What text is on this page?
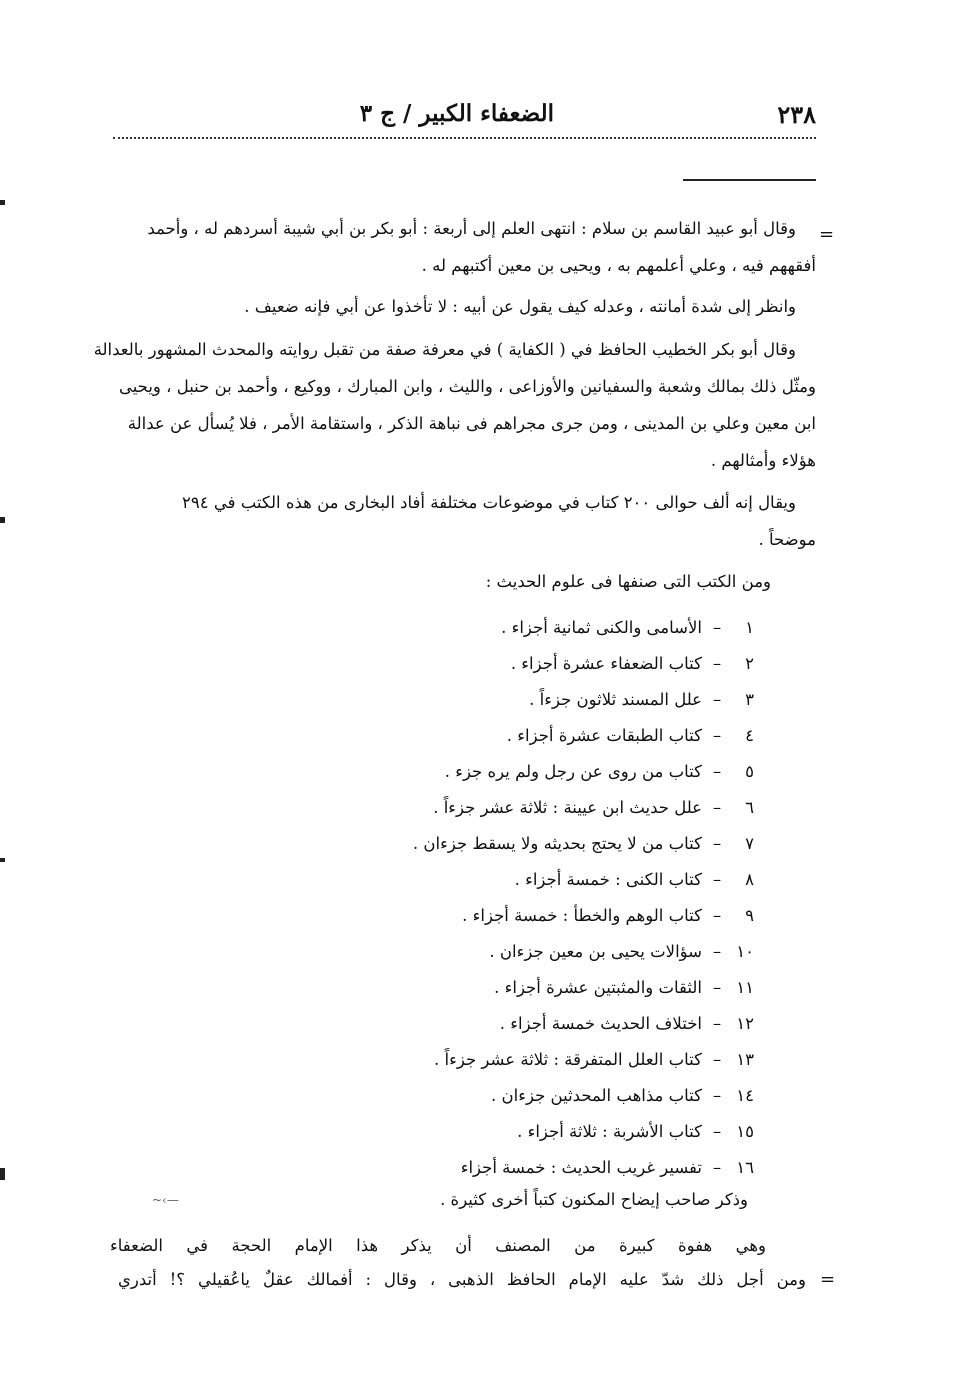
٢٣٨
الضعفاء الكبير / ج ٣
=
=
~‹—
وقال أبو عبيد القاسم بن سلام : انتهى العلم إلى أربعة : أبو بكر بن أبي شيبة أسردهم له ، وأحمد
أفقههم فيه ، وعلي أعلمهم به ، ويحيى بن معين أكتبهم له .
وانظر إلى شدة أمانته ، وعدله كيف يقول عن أبيه : لا تأخذوا عن أبي فإنه ضعيف .
وقال أبو بكر الخطيب الحافظ في ( الكفاية ) في معرفة صفة من تقبل روايته والمحدث المشهور بالعدالة
ومثّل ذلك بمالك وشعبة والسفيانين والأوزاعى ، والليث ، وابن المبارك ، ووكيع ، وأحمد بن حنبل ، ويحيى
ابن معين وعلي بن المدينى ، ومن جرى مجراهم فى نباهة الذكر ، واستقامة الأمر ، فلا يُسأل عن عدالة
هؤلاء وأمثالهم .
ويقال إنه ألف حوالى ٢٠٠ كتاب في موضوعات مختلفة أفاد البخارى من هذه الكتب في ٢٩٤
موضحاً .
ومن الكتب التى صنفها فى علوم الحديث :
١–الأسامى والكنى ثمانية أجزاء .
٢–كتاب الضعفاء عشرة أجزاء .
٣–علل المسند ثلاثون جزءاً .
٤–كتاب الطبقات عشرة أجزاء .
٥–كتاب من روى عن رجل ولم يره جزء .
٦–علل حديث ابن عيينة : ثلاثة عشر جزءاً .
٧–كتاب من لا يحتج بحديثه ولا يسقط جزءان .
٨–كتاب الكنى : خمسة أجزاء .
٩–كتاب الوهم والخطأ : خمسة أجزاء .
١٠–سؤالات يحيى بن معين جزءان .
١١–الثقات والمثبتين عشرة أجزاء .
١٢–اختلاف الحديث خمسة أجزاء .
١٣–كتاب العلل المتفرقة : ثلاثة عشر جزءاً .
١٤–كتاب مذاهب المحدثين جزءان .
١٥–كتاب الأشربة : ثلاثة أجزاء .
١٦–تفسير غريب الحديث : خمسة أجزاء
وذكر صاحب إيضاح المكنون كتباً أخرى كثيرة .
وهي هفوة كبيرة من المصنف أن يذكر هذا الإمام الحجة في الضعفاء
ومن أجل ذلك شدّ عليه الإمام الحافظ الذهبى ، وقال : أفمالك عقلٌ ياعُقيلي ؟! أتدري
